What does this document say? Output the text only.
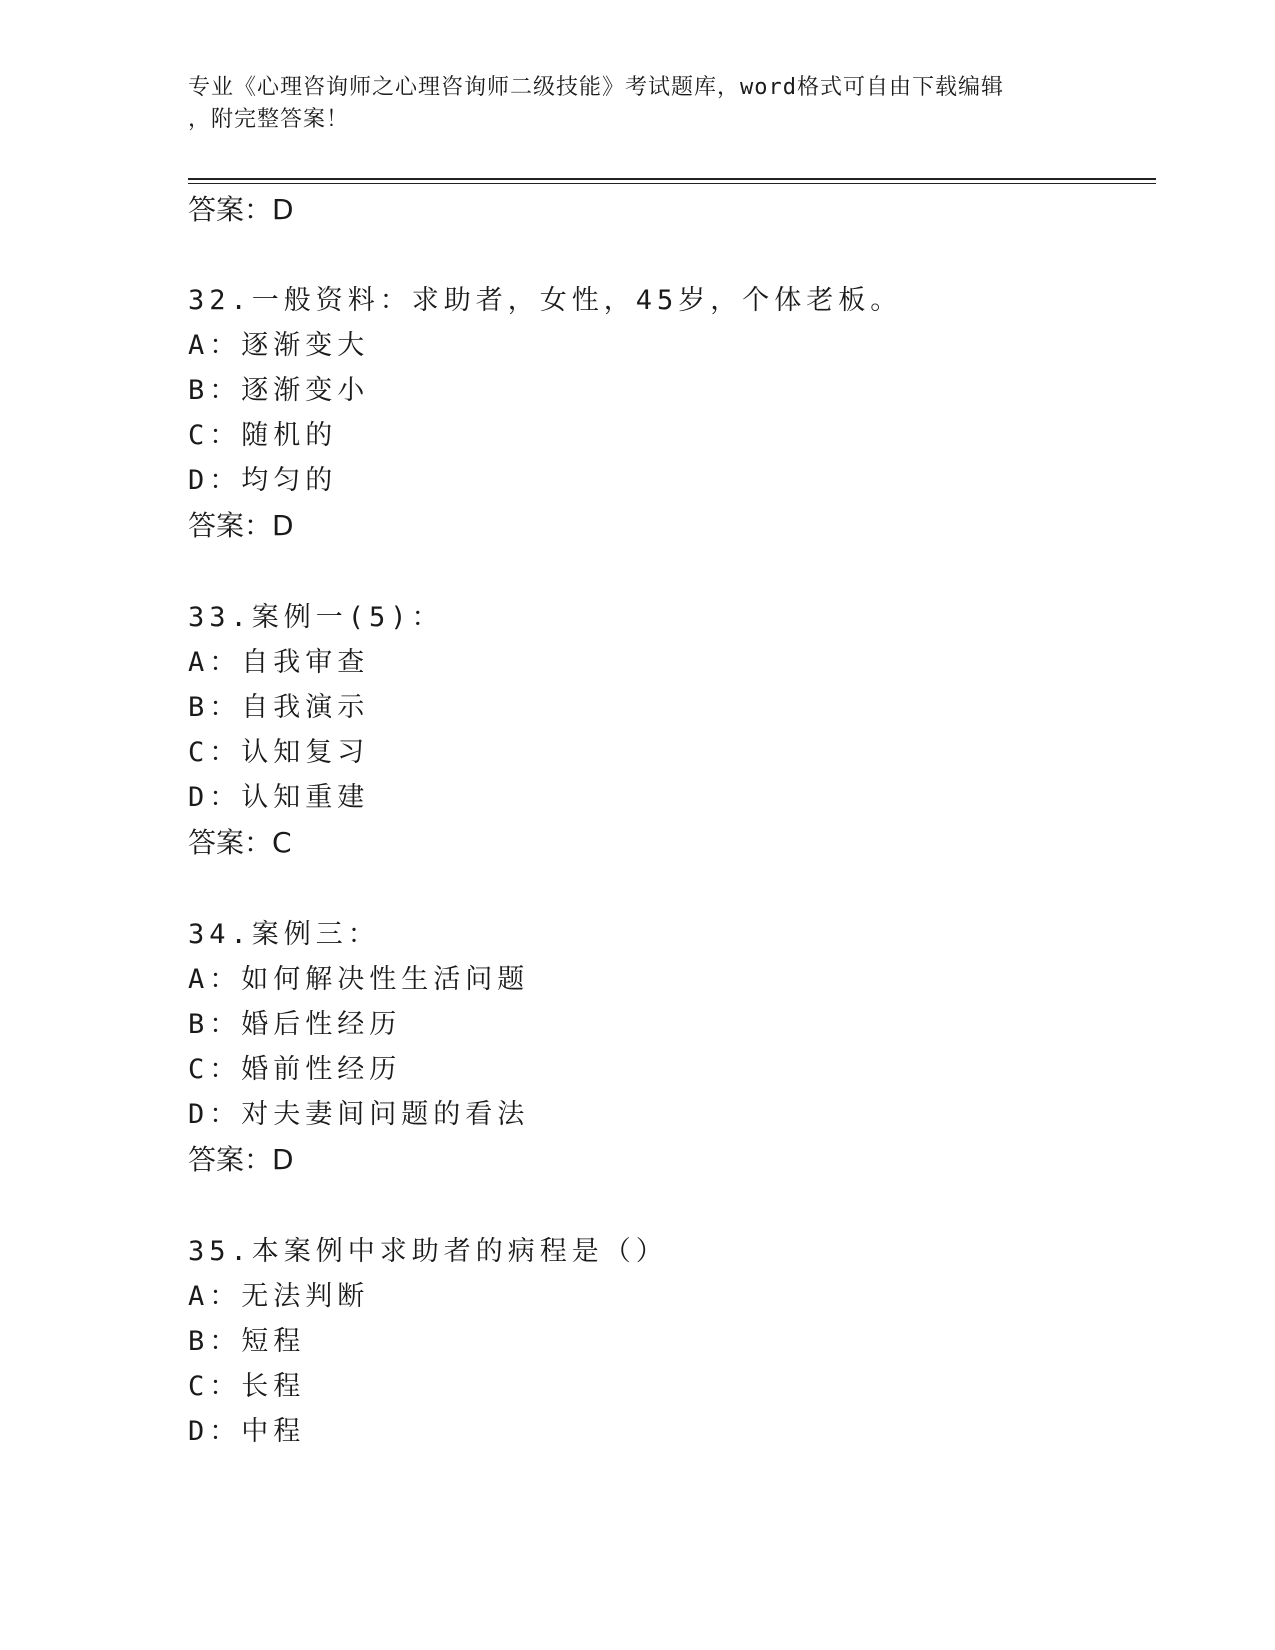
专业《心理咨询师之心理咨询师二级技能》考试题库，word格式可自由下载编辑
，附完整答案！
答案：D
32.一般资料：求助者，女性，45岁，个体老板。
A：逐渐变大
B：逐渐变小
C：随机的
D：均匀的
答案：D
33.案例一(5)：
A：自我审查
B：自我演示
C：认知复习
D：认知重建
答案：C
34.案例三：
A：如何解决性生活问题
B：婚后性经历
C：婚前性经历
D：对夫妻间问题的看法
答案：D
35.本案例中求助者的病程是（）
A：无法判断
B：短程
C：长程
D：中程
